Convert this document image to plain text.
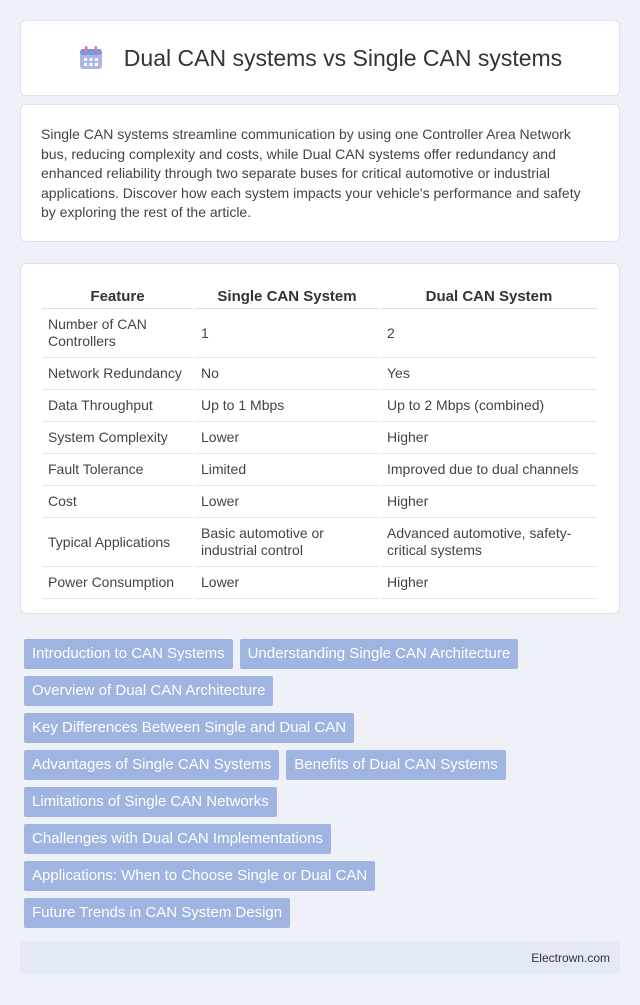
Dual CAN systems vs Single CAN systems

Single CAN systems streamline communication by using one Controller Area Network bus, reducing complexity and costs, while Dual CAN systems offer redundancy and enhanced reliability through two separate buses for critical automotive or industrial applications. Discover how each system impacts your vehicle's performance and safety by exploring the rest of the article.

Feature	Single CAN System	Dual CAN System
Number of CAN Controllers	1	2
Network Redundancy	No	Yes
Data Throughput	Up to 1 Mbps	Up to 2 Mbps (combined)
System Complexity	Lower	Higher
Fault Tolerance	Limited	Improved due to dual channels
Cost	Lower	Higher
Typical Applications	Basic automotive or industrial control	Advanced automotive, safety-critical systems
Power Consumption	Lower	Higher
Introduction to CAN Systems	Understanding Single CAN Architecture
Overview of Dual CAN Architecture
Key Differences Between Single and Dual CAN
Advantages of Single CAN Systems	Benefits of Dual CAN Systems
Limitations of Single CAN Networks
Challenges with Dual CAN Implementations
Applications: When to Choose Single or Dual CAN
Future Trends in CAN System Design
Electrown.com
